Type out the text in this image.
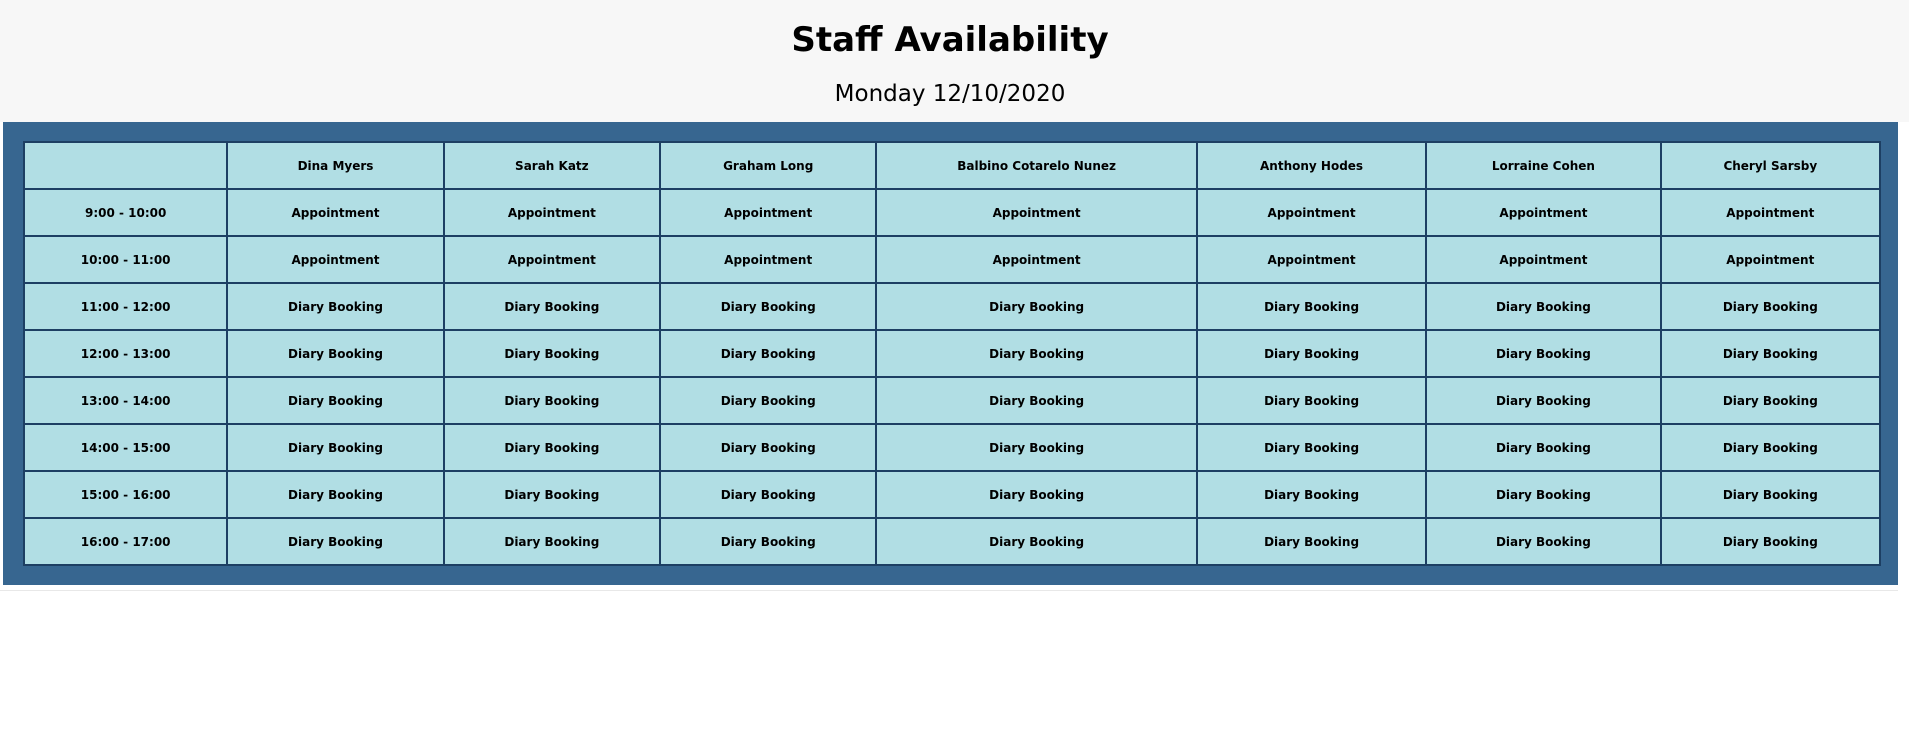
Staff Availability
Monday 12/10/2020
	Dina Myers	Sarah Katz	Graham Long	Balbino Cotarelo Nunez	Anthony Hodes	Lorraine Cohen	Cheryl Sarsby
9:00 - 10:00	Appointment	Appointment	Appointment	Appointment	Appointment	Appointment	Appointment
10:00 - 11:00	Appointment	Appointment	Appointment	Appointment	Appointment	Appointment	Appointment
11:00 - 12:00	Diary Booking	Diary Booking	Diary Booking	Diary Booking	Diary Booking	Diary Booking	Diary Booking
12:00 - 13:00	Diary Booking	Diary Booking	Diary Booking	Diary Booking	Diary Booking	Diary Booking	Diary Booking
13:00 - 14:00	Diary Booking	Diary Booking	Diary Booking	Diary Booking	Diary Booking	Diary Booking	Diary Booking
14:00 - 15:00	Diary Booking	Diary Booking	Diary Booking	Diary Booking	Diary Booking	Diary Booking	Diary Booking
15:00 - 16:00	Diary Booking	Diary Booking	Diary Booking	Diary Booking	Diary Booking	Diary Booking	Diary Booking
16:00 - 17:00	Diary Booking	Diary Booking	Diary Booking	Diary Booking	Diary Booking	Diary Booking	Diary Booking
